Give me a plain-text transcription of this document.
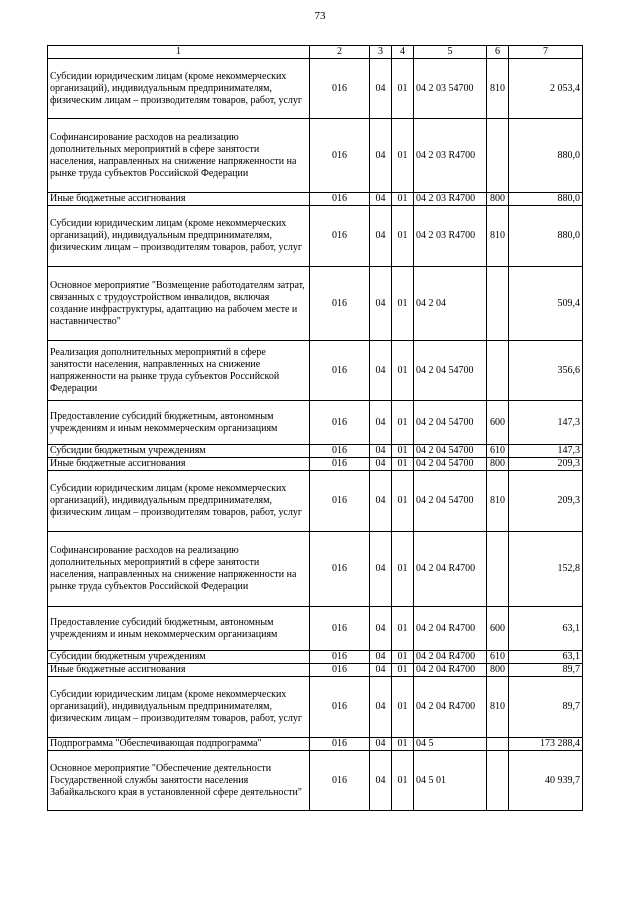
73
1	2	3	4	5	6	7
Субсидии юридическим лицам (кроме некоммерческих организаций), индивидуальным предпринимателям, физическим лицам – производителям товаров, работ, услуг	016	04	01	04 2 03 54700	810	2 053,4
Софинансирование расходов на реализацию дополнительных мероприятий в сфере занятости населения, направленных на снижение напряженности на рынке труда субъектов Российской Федерации	016	04	01	04 2 03 R4700		880,0
Иные бюджетные ассигнования	016	04	01	04 2 03 R4700	800	880,0
Субсидии юридическим лицам (кроме некоммерческих организаций), индивидуальным предпринимателям, физическим лицам – производителям товаров, работ, услуг	016	04	01	04 2 03 R4700	810	880,0
Основное мероприятие "Возмещение работодателям затрат, связанных с трудоустройством инвалидов, включая создание инфраструктуры, адаптацию на рабочем месте и наставничество"	016	04	01	04 2 04		509,4
Реализация дополнительных мероприятий в сфере занятости населения, направленных на снижение напряженности на рынке труда субъектов Российской Федерации	016	04	01	04 2 04 54700		356,6
Предоставление субсидий бюджетным, автономным учреждениям и иным некоммерческим организациям	016	04	01	04 2 04 54700	600	147,3
Субсидии бюджетным учреждениям	016	04	01	04 2 04 54700	610	147,3
Иные бюджетные ассигнования	016	04	01	04 2 04 54700	800	209,3
Субсидии юридическим лицам (кроме некоммерческих организаций), индивидуальным предпринимателям, физическим лицам – производителям товаров, работ, услуг	016	04	01	04 2 04 54700	810	209,3
Софинансирование расходов на реализацию дополнительных мероприятий в сфере занятости населения, направленных на снижение напряженности на рынке труда субъектов Российской Федерации	016	04	01	04 2 04 R4700		152,8
Предоставление субсидий бюджетным, автономным учреждениям и иным некоммерческим организациям	016	04	01	04 2 04 R4700	600	63,1
Субсидии бюджетным учреждениям	016	04	01	04 2 04 R4700	610	63,1
Иные бюджетные ассигнования	016	04	01	04 2 04 R4700	800	89,7
Субсидии юридическим лицам (кроме некоммерческих организаций), индивидуальным предпринимателям, физическим лицам – производителям товаров, работ, услуг	016	04	01	04 2 04 R4700	810	89,7
Подпрограмма "Обеспечивающая подпрограмма"	016	04	01	04 5		173 288,4
Основное мероприятие "Обеспечение деятельности Государственной службы занятости населения Забайкальского края в установленной сфере деятельности"	016	04	01	04 5 01		40 939,7
